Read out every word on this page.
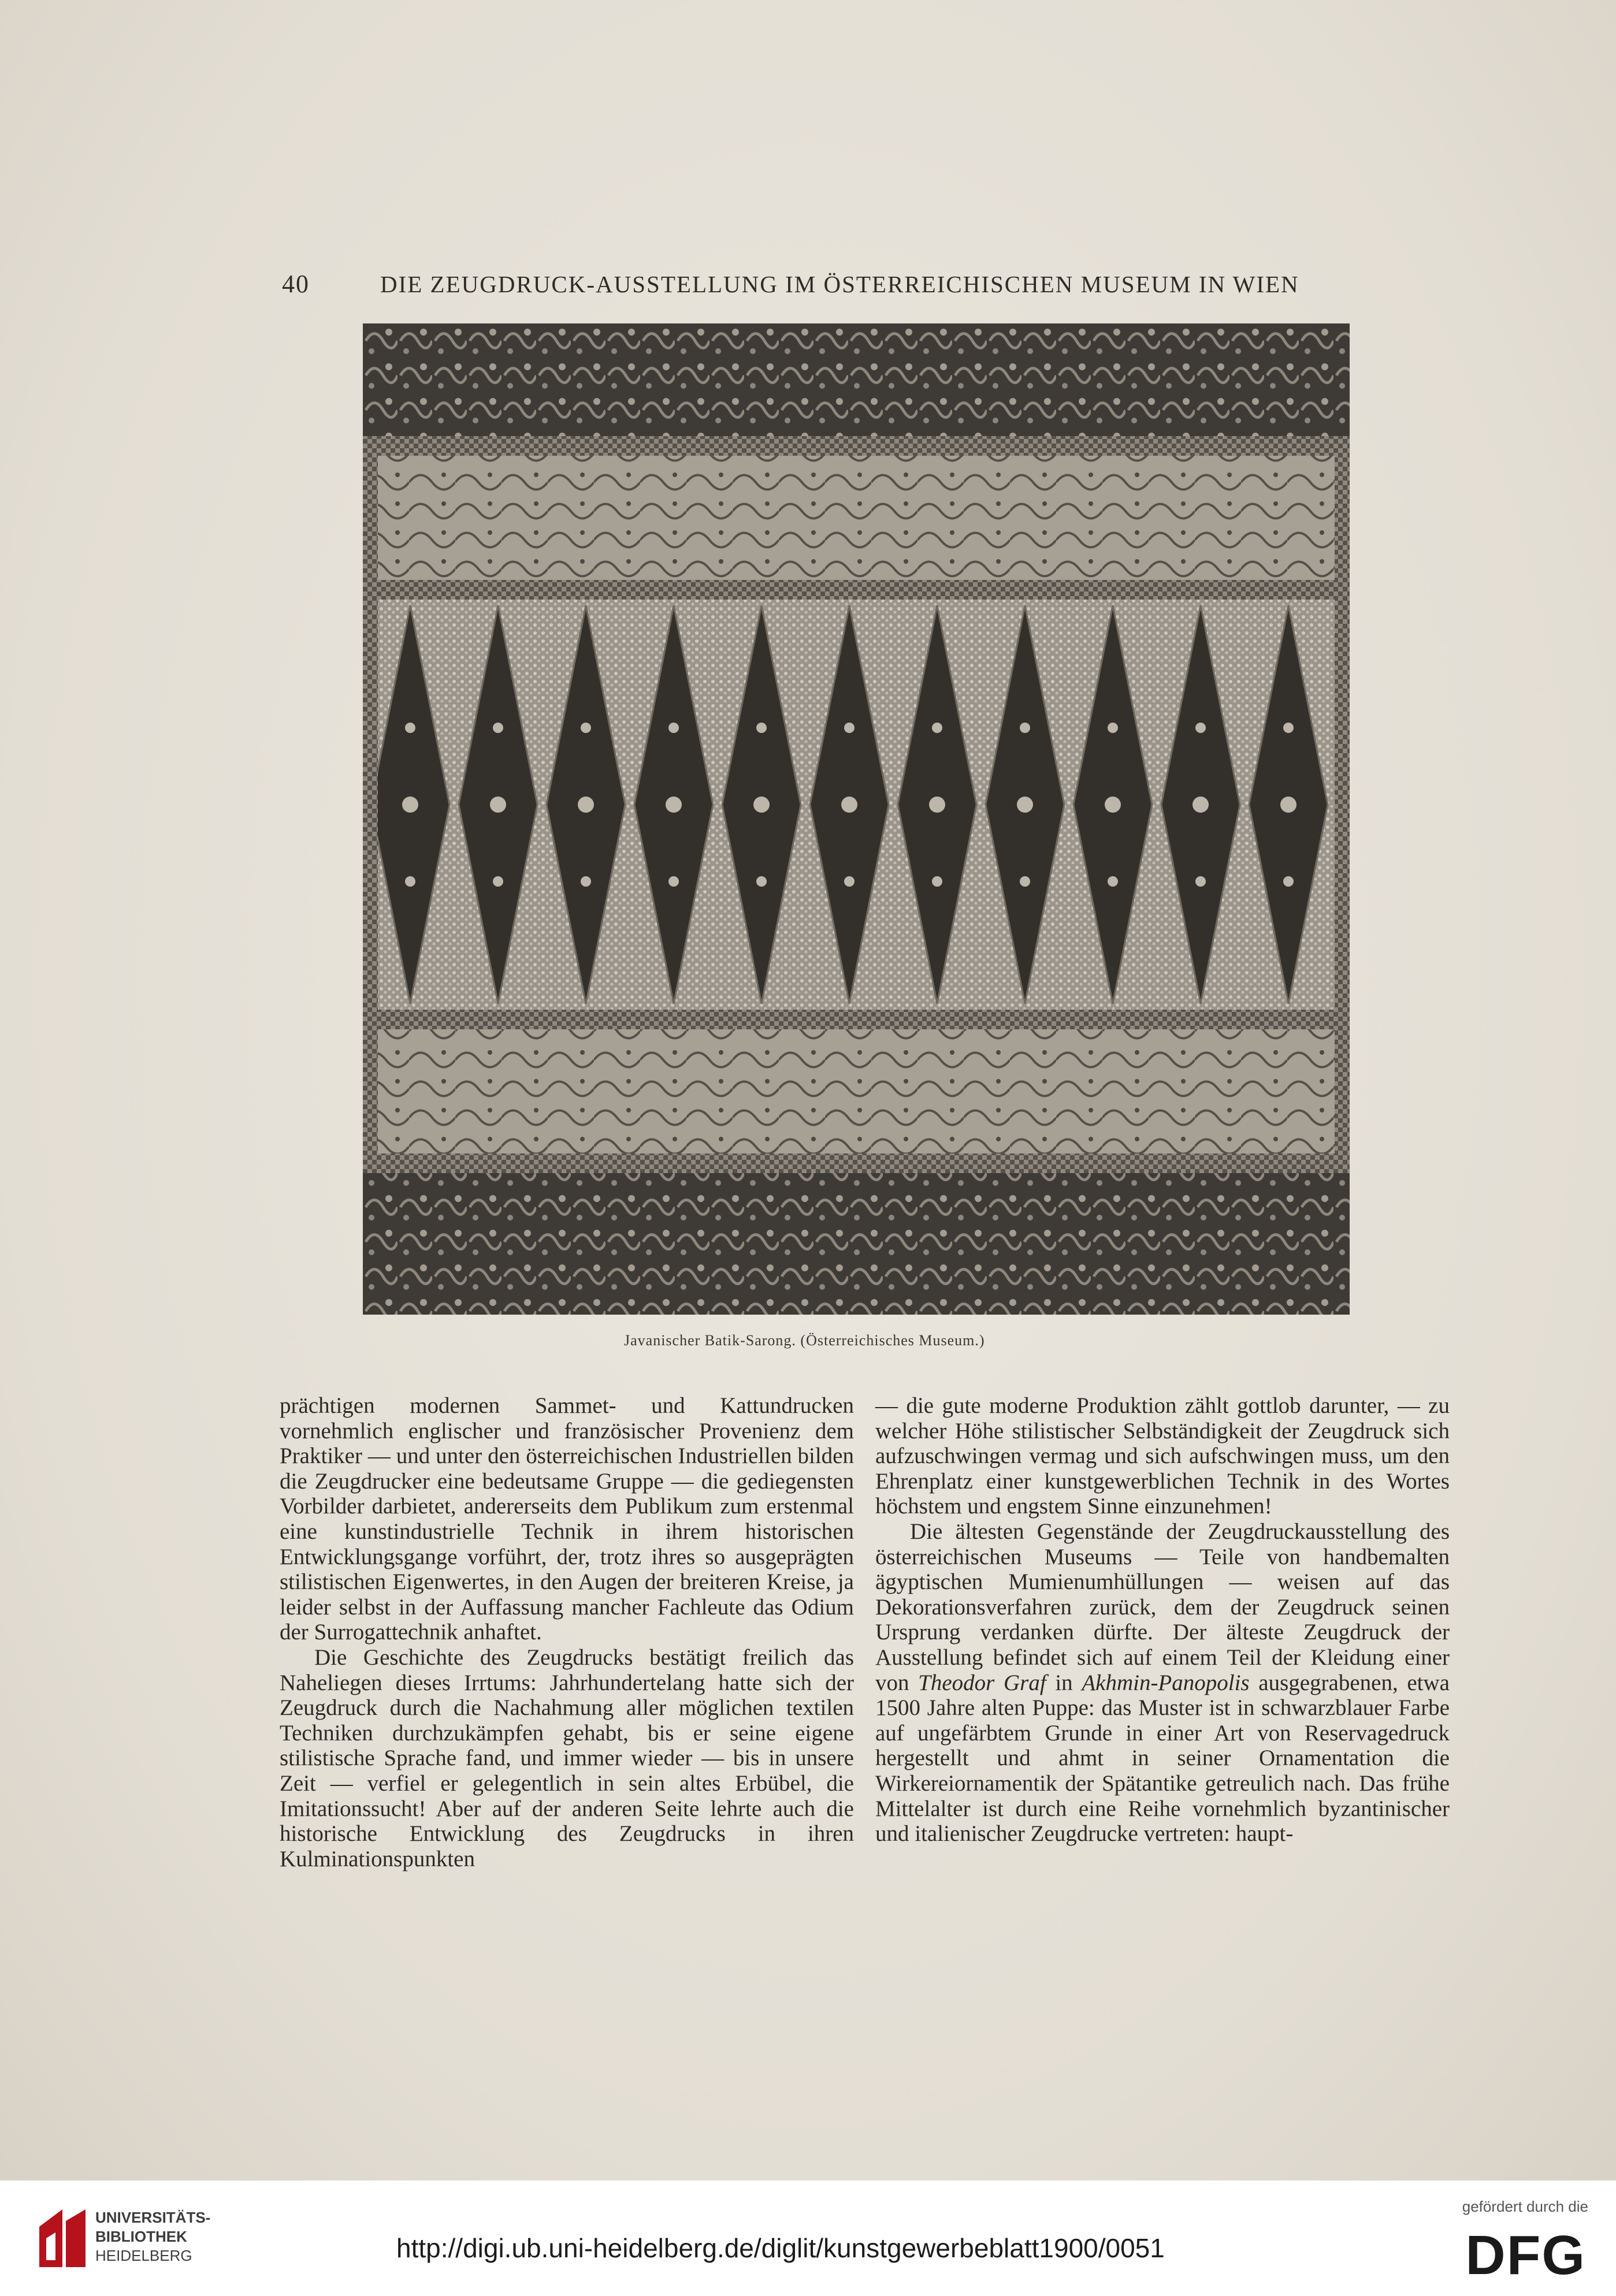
40	DIE ZEUGDRUCK-AUSSTELLUNG IM ÖSTERREICHISCHEN MUSEUM IN WIEN
Javanischer Batik-Sarong. (Österreichisches Museum.)

prächtigen modernen Sammet- und Kattundrucken vornehmlich englischer und französischer Provenienz dem Praktiker — und unter den österreichischen Industriellen bilden die Zeugdrucker eine bedeutsame Gruppe — die gediegensten Vorbilder darbietet, andererseits dem Publikum zum erstenmal eine kunstindustrielle Technik in ihrem historischen Entwicklungsgange vorführt, der, trotz ihres so ausgeprägten stilistischen Eigenwertes, in den Augen der breiteren Kreise, ja leider selbst in der Auffassung mancher Fachleute das Odium der Surrogattechnik anhaftet.

Die Geschichte des Zeugdrucks bestätigt freilich das Naheliegen dieses Irrtums: Jahrhundertelang hatte sich der Zeugdruck durch die Nachahmung aller möglichen textilen Techniken durchzukämpfen gehabt, bis er seine eigene stilistische Sprache fand, und immer wieder — bis in unsere Zeit — verfiel er gelegentlich in sein altes Erbübel, die Imitationssucht! Aber auf der anderen Seite lehrte auch die historische Entwicklung des Zeugdrucks in ihren Kulminationspunkten

— die gute moderne Produktion zählt gottlob darunter, — zu welcher Höhe stilistischer Selbständigkeit der Zeugdruck sich aufzuschwingen vermag und sich aufschwingen muss, um den Ehrenplatz einer kunstgewerblichen Technik in des Wortes höchstem und engstem Sinne einzunehmen!

Die ältesten Gegenstände der Zeugdruckausstellung des österreichischen Museums — Teile von handbemalten ägyptischen Mumienumhüllungen — weisen auf das Dekorationsverfahren zurück, dem der Zeugdruck seinen Ursprung verdanken dürfte. Der älteste Zeugdruck der Ausstellung befindet sich auf einem Teil der Kleidung einer von Theodor Graf in Akhmin-Panopolis ausgegrabenen, etwa 1500 Jahre alten Puppe: das Muster ist in schwarzblauer Farbe auf ungefärbtem Grunde in einer Art von Reservagedruck hergestellt und ahmt in seiner Ornamentation die Wirkereiornamentik der Spätantike getreulich nach. Das frühe Mittelalter ist durch eine Reihe vornehmlich byzantinischer und italienischer Zeugdrucke vertreten: haupt-

UNIVERSITÄTS-
BIBLIOTHEK
HEIDELBERG	http://digi.ub.uni-heidelberg.de/diglit/kunstgewerbeblatt1900/0051
gefördert durch die
DFG
